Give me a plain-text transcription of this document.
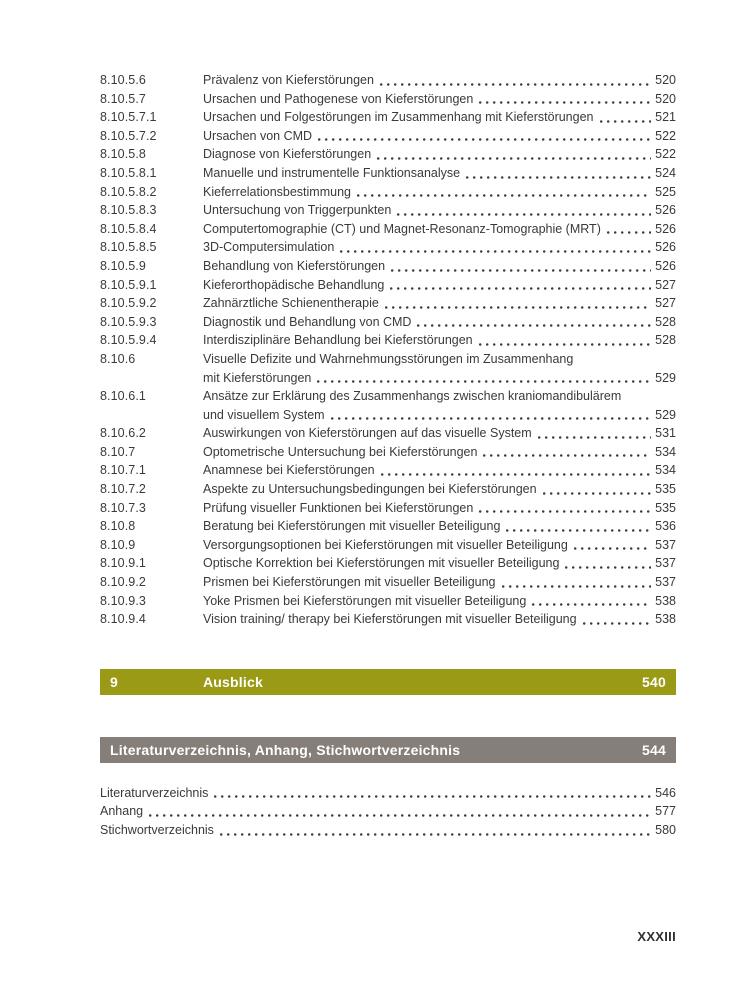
8.10.5.6	Prävalenz von Kieferstörungen	520
8.10.5.7	Ursachen und Pathogenese von Kieferstörungen	520
8.10.5.7.1	Ursachen und Folgestörungen im Zusammenhang mit Kieferstörungen	521
8.10.5.7.2	Ursachen von CMD	522
8.10.5.8	Diagnose von Kieferstörungen	522
8.10.5.8.1	Manuelle und instrumentelle Funktionsanalyse	524
8.10.5.8.2	Kieferrelationsbestimmung	525
8.10.5.8.3	Untersuchung von Triggerpunkten	526
8.10.5.8.4	Computertomographie (CT) und Magnet-Resonanz-Tomographie (MRT)	526
8.10.5.8.5	3D-Computersimulation	526
8.10.5.9	Behandlung von Kieferstörungen	526
8.10.5.9.1	Kieferorthopädische Behandlung	527
8.10.5.9.2	Zahnärztliche Schienentherapie	527
8.10.5.9.3	Diagnostik und Behandlung von CMD	528
8.10.5.9.4	Interdisziplinäre Behandlung bei Kieferstörungen	528
8.10.6	Visuelle Defizite und Wahrnehmungsstörungen im Zusammenhang
mit Kieferstörungen	529
8.10.6.1	Ansätze zur Erklärung des Zusammenhangs zwischen kraniomandibulärem
und visuellem System	529
8.10.6.2	Auswirkungen von Kieferstörungen auf das visuelle System	531
8.10.7	Optometrische Untersuchung bei Kieferstörungen	534
8.10.7.1	Anamnese bei Kieferstörungen	534
8.10.7.2	Aspekte zu Untersuchungsbedingungen bei Kieferstörungen	535
8.10.7.3	Prüfung visueller Funktionen bei Kieferstörungen	535
8.10.8	Beratung bei Kieferstörungen mit visueller Beteiligung	536
8.10.9	Versorgungsoptionen bei Kieferstörungen mit visueller Beteiligung	537
8.10.9.1	Optische Korrektion bei Kieferstörungen mit visueller Beteiligung	537
8.10.9.2	Prismen bei Kieferstörungen mit visueller Beteiligung	537
8.10.9.3	Yoke Prismen bei Kieferstörungen mit visueller Beteiligung	538
8.10.9.4	Vision training/ therapy bei Kieferstörungen mit visueller Beteiligung	538
9	Ausblick	540
Literaturverzeichnis, Anhang, Stichwortverzeichnis	544
Literaturverzeichnis	546
Anhang	577
Stichwortverzeichnis	580
XXXIII
